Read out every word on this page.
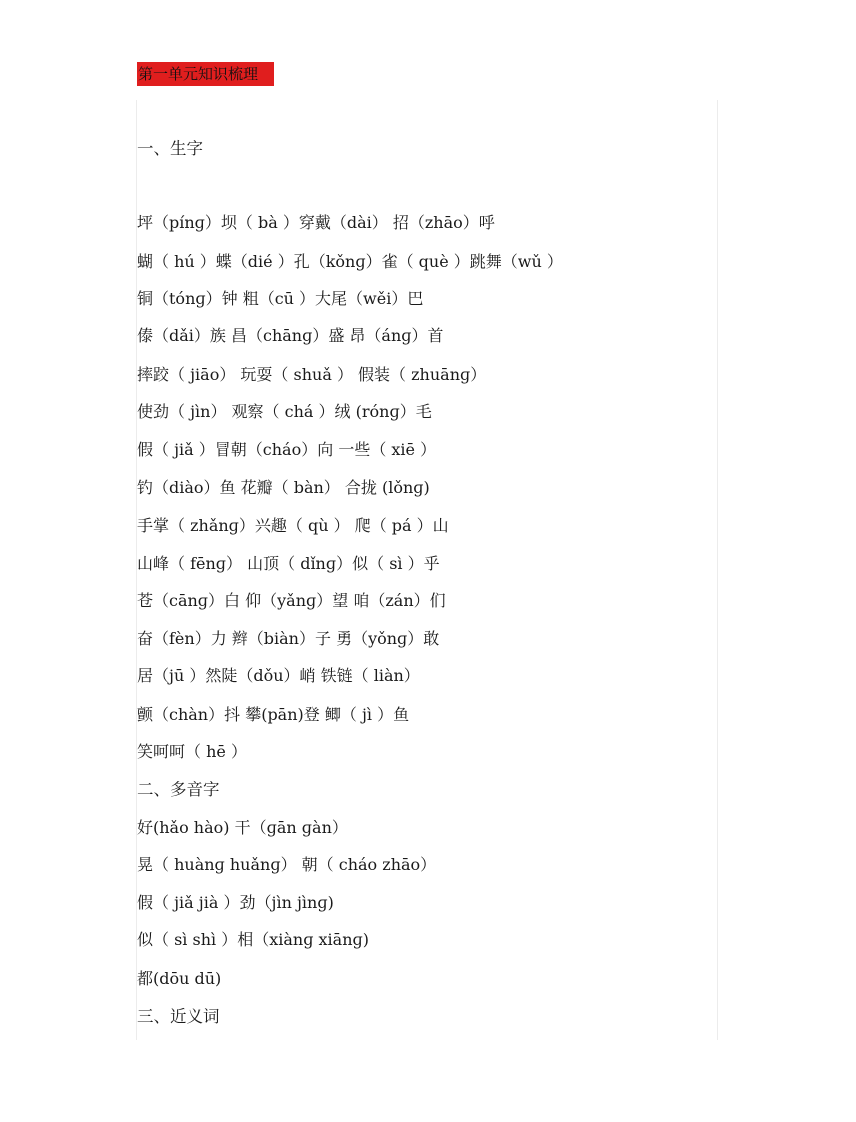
第一单元知识梳理
一、生字
坪（pínɡ）坝（ bà ）穿戴（dài） 招（zhāo）呼
蝴（ hú ）蝶（dié ）孔（kǒnɡ）雀（ què ）跳舞（wǔ ）
铜（tónɡ）钟 粗（cū ）大尾（wěi）巴
傣（dǎi）族 昌（chānɡ）盛 昂（ánɡ）首
摔跤（ jiāo） 玩耍（ shuǎ ） 假装（ zhuānɡ）
使劲（ jìn） 观察（ chá ）绒 (rónɡ）毛
假（ jiǎ ）冒朝（cháo）向 一些（ xiē ）
钓（diào）鱼 花瓣（ bàn） 合拢 (lǒnɡ)
手掌（ zhǎnɡ）兴趣（ qù ） 爬（ pá ）山
山峰（ fēnɡ） 山顶（ dǐnɡ）似（ sì ）乎
苍（cānɡ）白 仰（yǎnɡ）望 咱（zán）们
奋（fèn）力 辫（biàn）子 勇（yǒnɡ）敢
居（jū ）然陡（dǒu）峭 铁链（ liàn）
颤（chàn）抖 攀(pān)登 鲫（ jì ）鱼
笑呵呵（ hē ）
二、多音字
好(hǎo hào) 干（ɡān ɡàn）
晃（ huànɡ huǎnɡ） 朝（ cháo zhāo）
假（ jiǎ jià ）劲（jìn jìnɡ)
似（ sì shì ）相（xiànɡ xiānɡ)
都(dōu dū)
三、近义词
